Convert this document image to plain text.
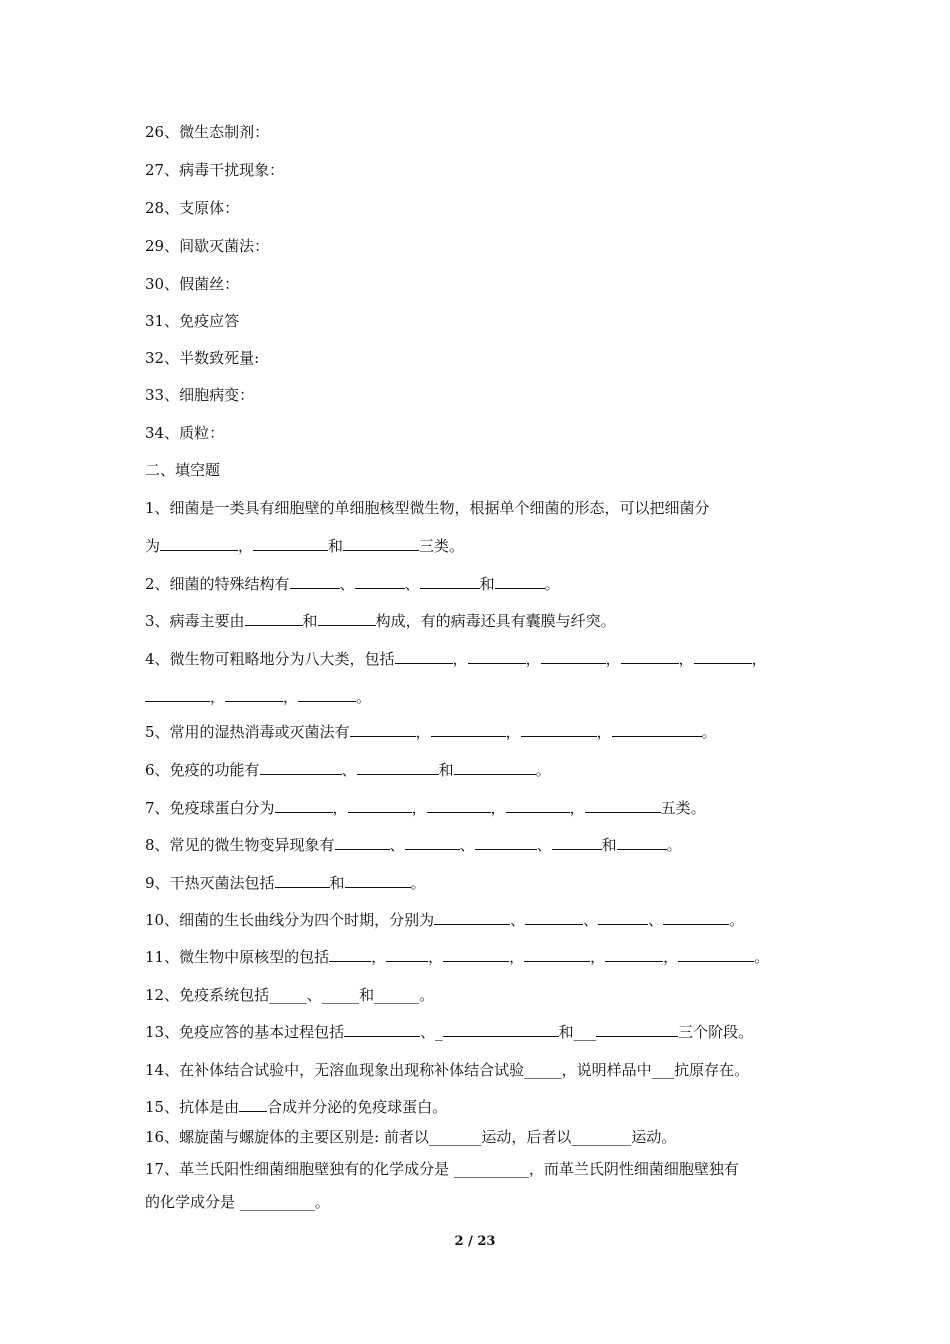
26、微生态制剂：
27、病毒干扰现象：
28、支原体：
29、间歇灭菌法：
30、假菌丝：
31、免疫应答
32、半数致死量:
33、细胞病变：
34、质粒：
二、填空题
1、细菌是一类具有细胞壁的单细胞核型微生物，根据单个细菌的形态，可以把细菌分
为	，	和	三类。
2、细菌的特殊结构有	、	、	和	。
3、病毒主要由	和	构成，有的病毒还具有囊膜与纤突。
4、微生物可粗略地分为八大类，包括	，	，	，	，	，
，	，	。
5、常用的湿热消毒或灭菌法有	，	，	，	。
6、免疫的功能有	、	和	。
7、免疫球蛋白分为	，	，	，	，	五类。
8、常见的微生物变异现象有	、	、	、	和	。
9、干热灭菌法包括	和	。
10、细菌的生长曲线分为四个时期，分别为	、	、	、	。
11、微生物中原核型的包括	，	，	，	，	，	。
12、免疫系统包括_____、_____和______。
13、免疫应答的基本过程包括	、_	和___	三个阶段。
14、在补体结合试验中，无溶血现象出现称补体结合试验_____，说明样品中___抗原存在。
15、抗体是由 合成并分泌的免疫球蛋白。
16、螺旋菌与螺旋体的主要区别是: 前者以_______运动，后者以________运动。
17、革兰氏阳性细菌细胞壁独有的化学成分是 __________，而革兰氏阴性细菌细胞壁独有
的化学成分是 __________。
2 / 23
